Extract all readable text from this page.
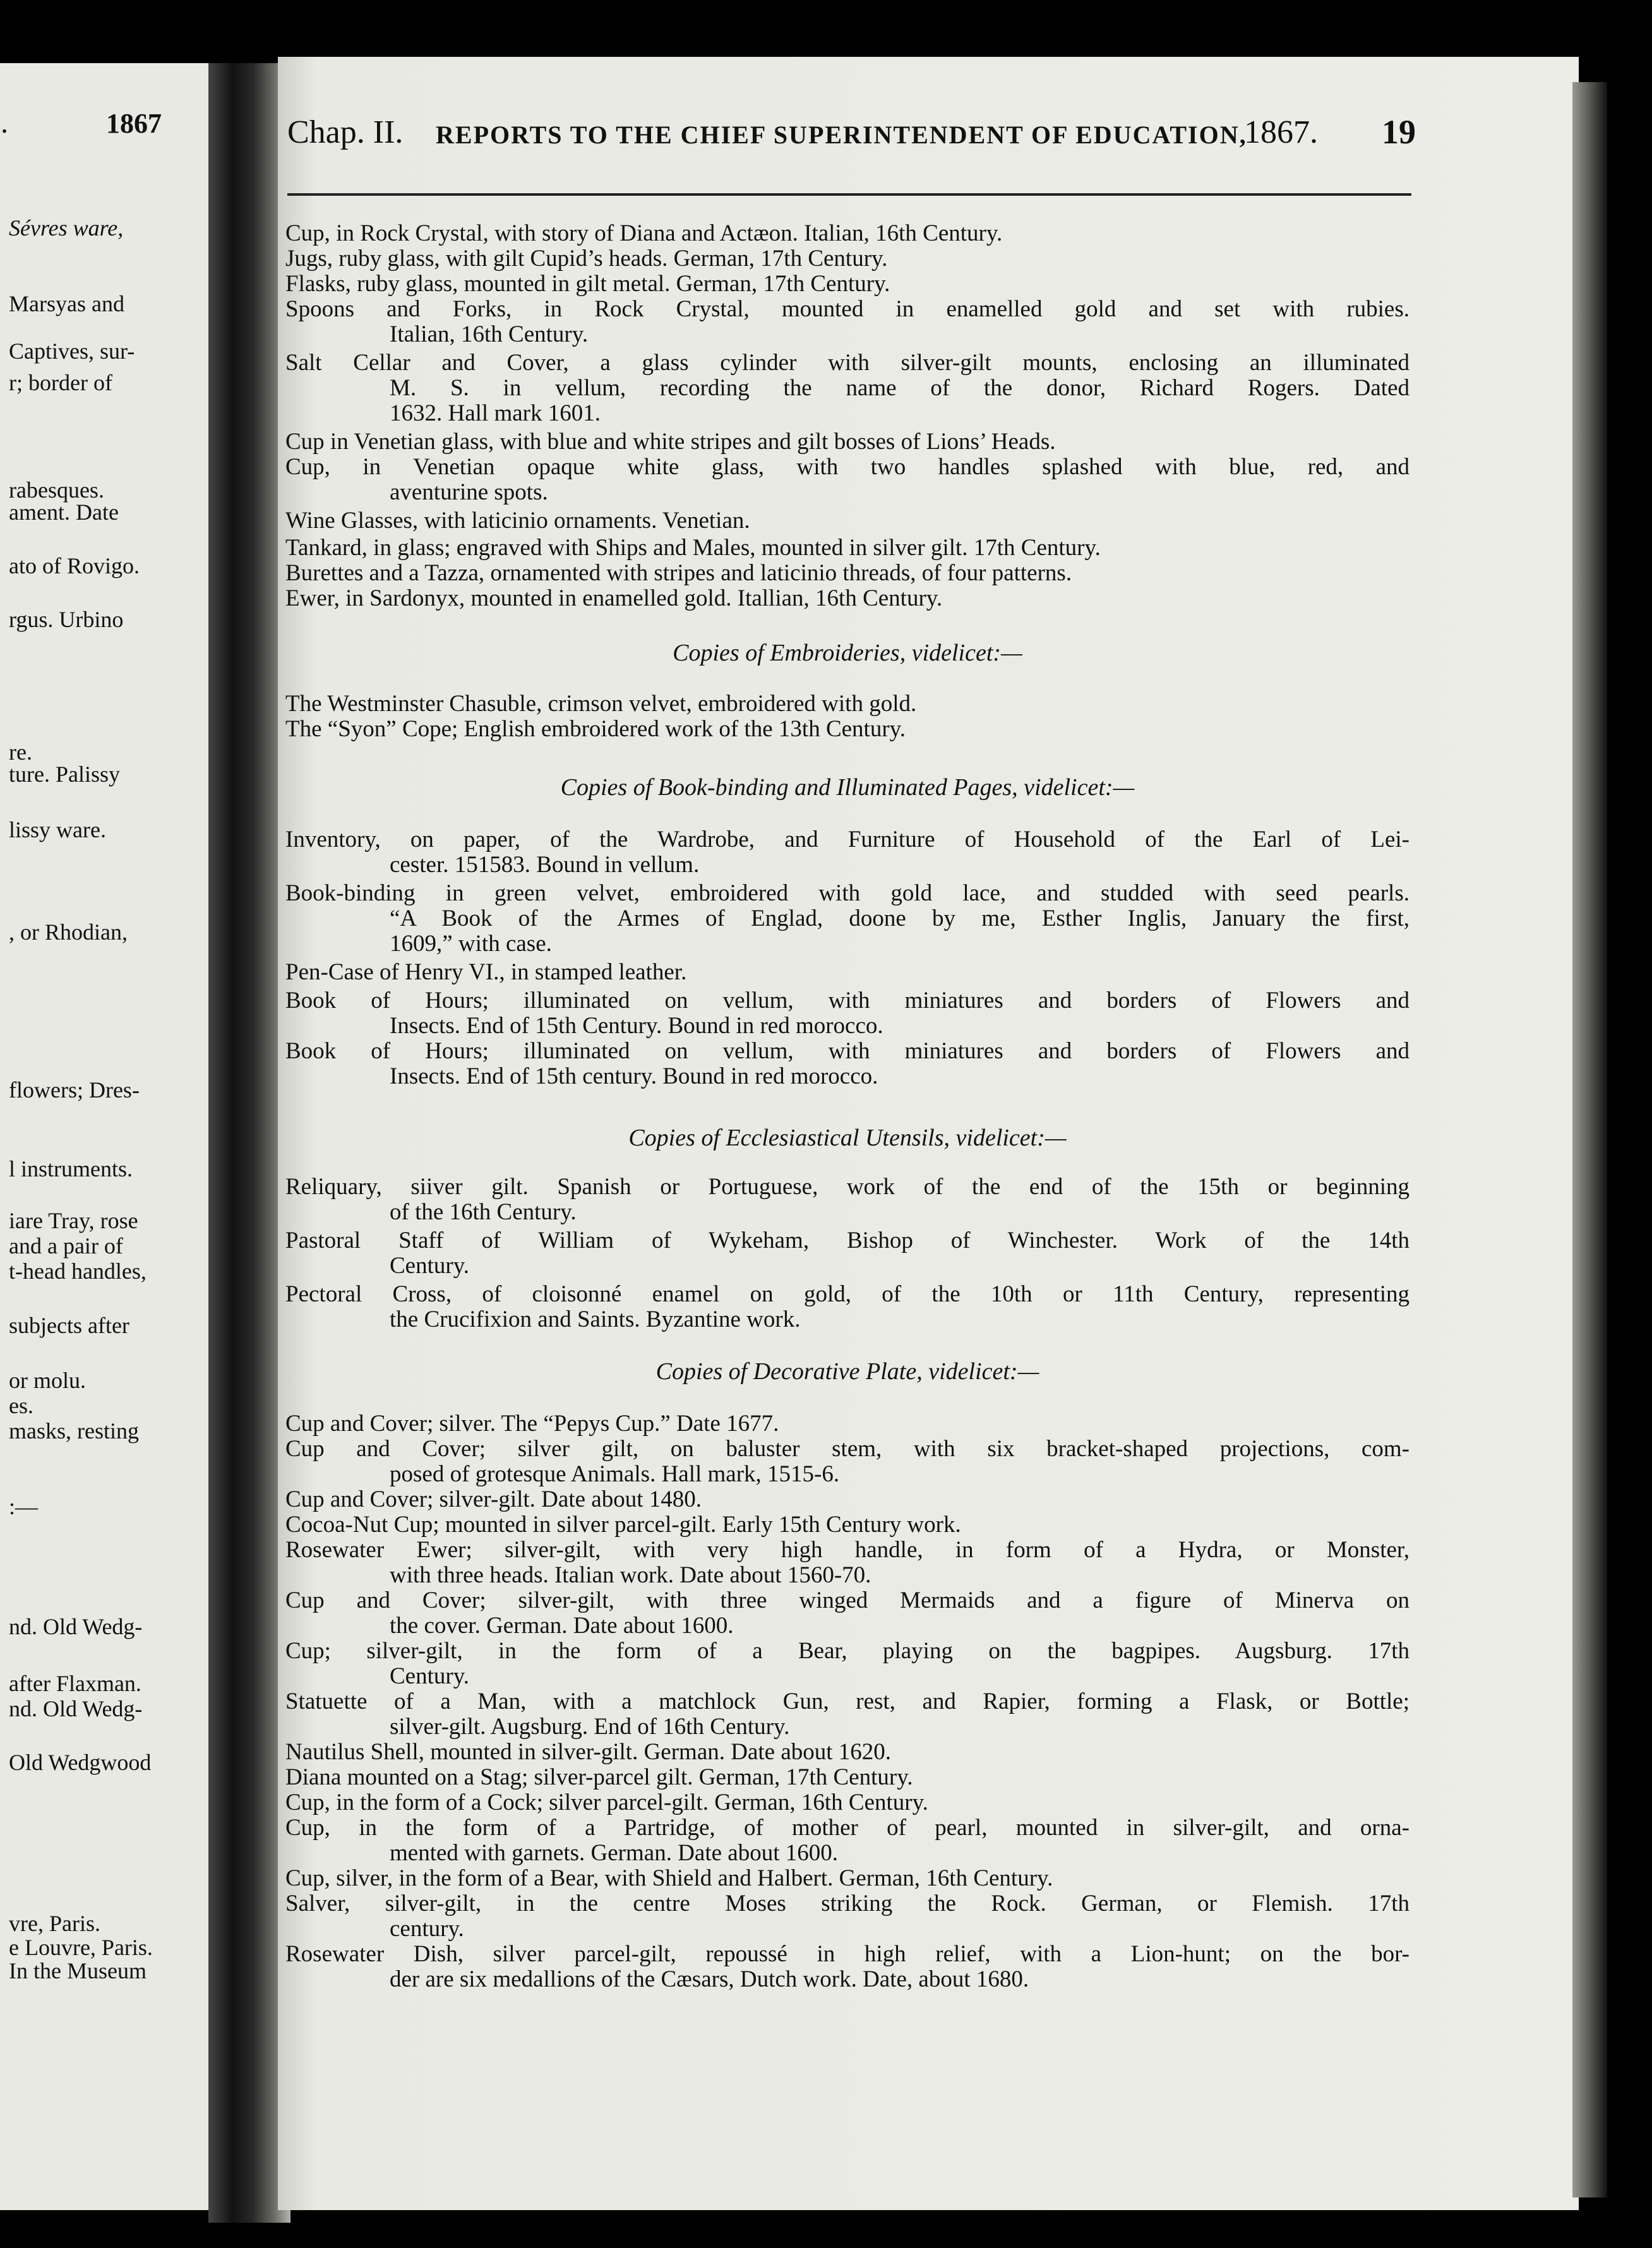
.	1867
Sévres ware,
Marsyas and
Captives, sur-
r; border of
rabesques.
ament. Date
ato of Rovigo.
rgus. Urbino
re.
ture. Palissy
lissy ware.
, or Rhodian,
flowers; Dres-
l instruments.
iare Tray, rose
and a pair of
t-head handles,
subjects after
or molu.
es.
masks, resting
:—
nd. Old Wedg-
after Flaxman.
nd. Old Wedg-
Old Wedgwood
vre, Paris.
e Louvre, Paris.
In the Museum
Chap. II. REPORTS TO THE CHIEF SUPERINTENDENT OF EDUCATION,
1867. 19
Cup, in Rock Crystal, with story of Diana and Actæon. Italian, 16th Century.
Jugs, ruby glass, with gilt Cupid’s heads. German, 17th Century.
Flasks, ruby glass, mounted in gilt metal. German, 17th Century.
Spoons and Forks, in Rock Crystal, mounted in enamelled gold and set with rubies.
Italian, 16th Century.
Salt Cellar and Cover, a glass cylinder with silver-gilt mounts, enclosing an illuminated
M. S. in vellum, recording the name of the donor, Richard Rogers. Dated
1632. Hall mark 1601.
Cup in Venetian glass, with blue and white stripes and gilt bosses of Lions’ Heads.
Cup, in Venetian opaque white glass, with two handles splashed with blue, red, and
aventurine spots.
Wine Glasses, with laticinio ornaments. Venetian.
Tankard, in glass; engraved with Ships and Males, mounted in silver gilt. 17th Century.
Burettes and a Tazza, ornamented with stripes and laticinio threads, of four patterns.
Ewer, in Sardonyx, mounted in enamelled gold. Itallian, 16th Century.
Copies of Embroideries, videlicet:—
The Westminster Chasuble, crimson velvet, embroidered with gold.
The “Syon” Cope; English embroidered work of the 13th Century.
Copies of Book-binding and Illuminated Pages, videlicet:—
Inventory, on paper, of the Wardrobe, and Furniture of Household of the Earl of Lei-
cester. 151583. Bound in vellum.
Book-binding in green velvet, embroidered with gold lace, and studded with seed pearls.
“A Book of the Armes of Englad, doone by me, Esther Inglis, January the first,
1609,” with case.
Pen-Case of Henry VI., in stamped leather.
Book of Hours; illuminated on vellum, with miniatures and borders of Flowers and
Insects. End of 15th Century. Bound in red morocco.
Book of Hours; illuminated on vellum, with miniatures and borders of Flowers and
Insects. End of 15th century. Bound in red morocco.
Copies of Ecclesiastical Utensils, videlicet:—
Reliquary, siiver gilt. Spanish or Portuguese, work of the end of the 15th or beginning
of the 16th Century.
Pastoral Staff of William of Wykeham, Bishop of Winchester. Work of the 14th
Century.
Pectoral Cross, of cloisonné enamel on gold, of the 10th or 11th Century, representing
the Crucifixion and Saints. Byzantine work.
Copies of Decorative Plate, videlicet:—
Cup and Cover; silver. The “Pepys Cup.” Date 1677.
Cup and Cover; silver gilt, on baluster stem, with six bracket-shaped projections, com-
posed of grotesque Animals. Hall mark, 1515-6.
Cup and Cover; silver-gilt. Date about 1480.
Cocoa-Nut Cup; mounted in silver parcel-gilt. Early 15th Century work.
Rosewater Ewer; silver-gilt, with very high handle, in form of a Hydra, or Monster,
with three heads. Italian work. Date about 1560-70.
Cup and Cover; silver-gilt, with three winged Mermaids and a figure of Minerva on
the cover. German. Date about 1600.
Cup; silver-gilt, in the form of a Bear, playing on the bagpipes. Augsburg. 17th
Century.
Statuette of a Man, with a matchlock Gun, rest, and Rapier, forming a Flask, or Bottle;
silver-gilt. Augsburg. End of 16th Century.
Nautilus Shell, mounted in silver-gilt. German. Date about 1620.
Diana mounted on a Stag; silver-parcel gilt. German, 17th Century.
Cup, in the form of a Cock; silver parcel-gilt. German, 16th Century.
Cup, in the form of a Partridge, of mother of pearl, mounted in silver-gilt, and orna-
mented with garnets. German. Date about 1600.
Cup, silver, in the form of a Bear, with Shield and Halbert. German, 16th Century.
Salver, silver-gilt, in the centre Moses striking the Rock. German, or Flemish. 17th
century.
Rosewater Dish, silver parcel-gilt, repoussé in high relief, with a Lion-hunt; on the bor-
der are six medallions of the Cæsars, Dutch work. Date, about 1680.
